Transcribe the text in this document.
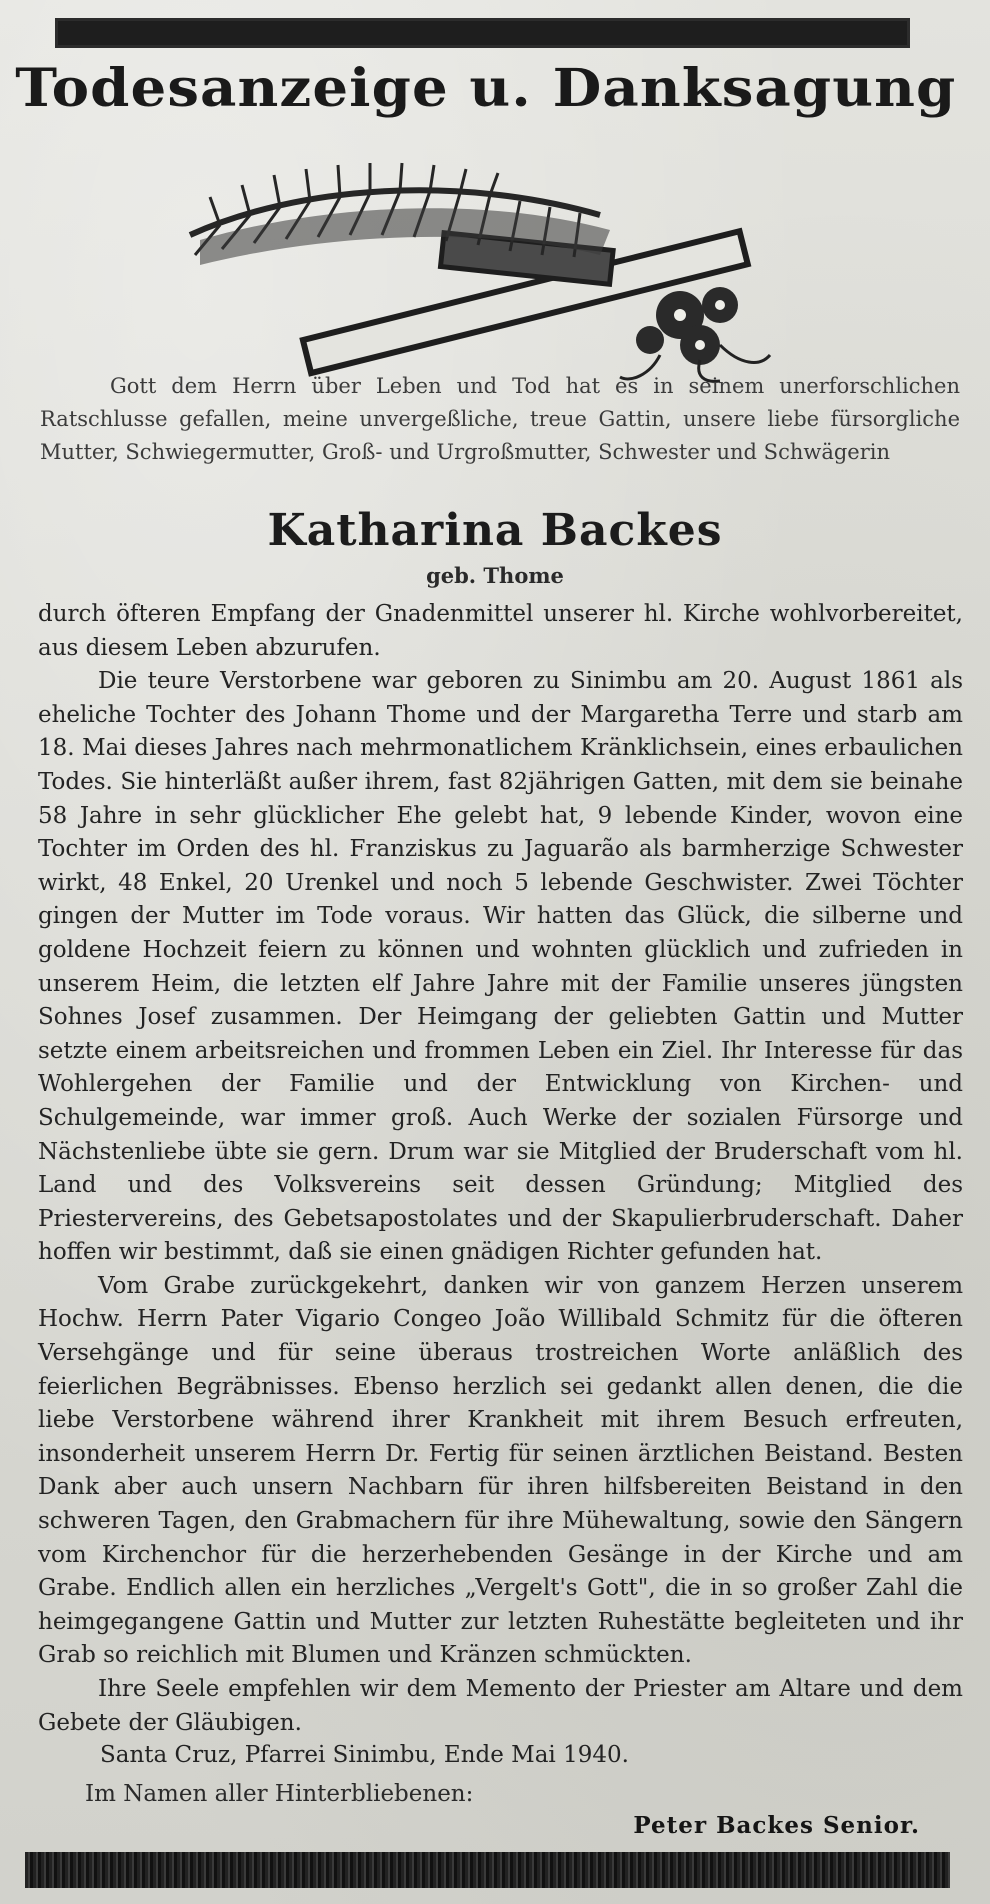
Todesanzeige u. Danksagung
Gott dem Herrn über Leben und Tod hat es in seinem unerforschlichen Ratschlusse gefallen, meine unvergeßliche, treue Gattin, unsere liebe fürsorgliche Mutter, Schwiegermutter, Groß- und Urgroßmutter, Schwester und Schwägerin
Katharina Backes
geb. Thome

durch öfteren Empfang der Gnadenmittel unserer hl. Kirche wohlvorbereitet, aus diesem Leben abzurufen.

Die teure Verstorbene war geboren zu Sinimbu am 20. August 1861 als eheliche Tochter des Johann Thome und der Margaretha Terre und starb am 18. Mai dieses Jahres nach mehrmonatlichem Kränklichsein, eines erbaulichen Todes. Sie hinterläßt außer ihrem, fast 82jährigen Gatten, mit dem sie beinahe 58 Jahre in sehr glücklicher Ehe gelebt hat, 9 lebende Kinder, wovon eine Tochter im Orden des hl. Franziskus zu Jaguarão als barmherzige Schwester wirkt, 48 Enkel, 20 Urenkel und noch 5 lebende Geschwister. Zwei Töchter gingen der Mutter im Tode voraus. Wir hatten das Glück, die silberne und goldene Hochzeit feiern zu können und wohnten glücklich und zufrieden in unserem Heim, die letzten elf Jahre Jahre mit der Familie unseres jüngsten Sohnes Josef zusammen. Der Heimgang der geliebten Gattin und Mutter setzte einem arbeitsreichen und frommen Leben ein Ziel. Ihr Interesse für das Wohlergehen der Familie und der Entwicklung von Kirchen- und Schulgemeinde, war immer groß. Auch Werke der sozialen Fürsorge und Nächstenliebe übte sie gern. Drum war sie Mitglied der Bruderschaft vom hl. Land und des Volksvereins seit dessen Gründung; Mitglied des Priestervereins, des Gebetsapostolates und der Skapulierbruderschaft. Daher hoffen wir bestimmt, daß sie einen gnädigen Richter gefunden hat.

Vom Grabe zurückgekehrt, danken wir von ganzem Herzen unserem Hochw. Herrn Pater Vigario Congeo João Willibald Schmitz für die öfteren Versehgänge und für seine überaus trostreichen Worte anläßlich des feierlichen Begräbnisses. Ebenso herzlich sei gedankt allen denen, die die liebe Verstorbene während ihrer Krankheit mit ihrem Besuch erfreuten, insonderheit unserem Herrn Dr. Fertig für seinen ärztlichen Beistand. Besten Dank aber auch unsern Nachbarn für ihren hilfsbereiten Beistand in den schweren Tagen, den Grabmachern für ihre Mühewaltung, sowie den Sängern vom Kirchenchor für die herzerhebenden Gesänge in der Kirche und am Grabe. Endlich allen ein herzliches „Vergelt's Gott", die in so großer Zahl die heimgegangene Gattin und Mutter zur letzten Ruhestätte begleiteten und ihr Grab so reichlich mit Blumen und Kränzen schmückten.

Ihre Seele empfehlen wir dem Memento der Priester am Altare und dem Gebete der Gläubigen.

Santa Cruz, Pfarrei Sinimbu, Ende Mai 1940.
Im Namen aller Hinterbliebenen:
Peter Backes Senior.
